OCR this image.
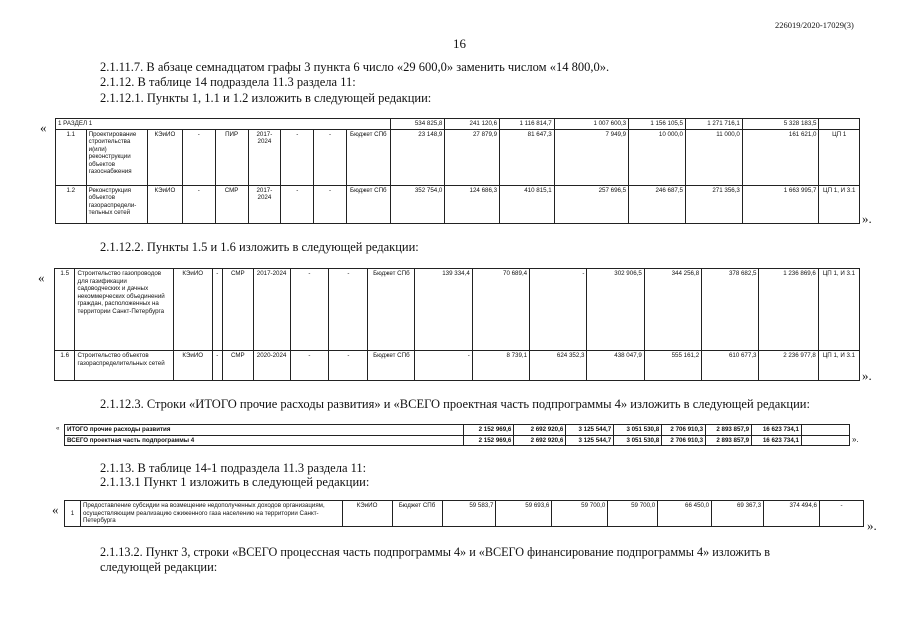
226019/2020-17029(3)
16
2.1.11.7. В абзаце семнадцатом графы 3 пункта 6 число «29 600,0» заменить числом «14 800,0».
2.1.12. В таблице 14 подраздела 11.3 раздела 11:
2.1.12.1. Пункты 1, 1.1 и 1.2 изложить в следующей редакции:
« 1 РАЗДЕЛ 1									534 825,8	241 120,6	1 116 814,7	1 007 600,3	1 156 105,5	1 271 716,1	5 328 183,5	
1.1	Проектирование строительства и(или) реконструкции объектов газоснабжения	КЭиИО	-	ПИР	2017-2024	-	-	Бюджет СПб	23 148,9	27 879,9	81 647,3	7 949,9	10 000,0	11 000,0	161 621,0	ЦП 1
1.2	Реконструкция объектов газораспредели-тельных сетей	КЭиИО	-	СМР	2017-2024	-	-	Бюджет СПб	352 754,0	124 686,3	410 815,1	257 696,5	246 687,5	271 356,3	1 663 995,7	ЦП 1, И 3.1
».
2.1.12.2. Пункты 1.5 и 1.6 изложить в следующей редакции:
«	1.5	Строительство газопроводов для газификации садоводческих и дачных некоммерческих объединений граждан, расположенных на территории Санкт-Петербурга	КЭиИО	-	СМР	2017-2024	-	-	Бюджет СПб	139 334,4	70 689,4	-	302 906,5	344 256,8	378 682,5	1 236 869,6	ЦП 1, И 3.1
1.6	Строительство объектов газораспределительных сетей	КЭиИО	-	СМР	2020-2024	-	-	Бюджет СПб	-	8 739,1	624 352,3	438 047,9	555 161,2	610 677,3	2 236 977,8	ЦП 1, И 3.1
».
2.1.12.3. Строки «ИТОГО прочие расходы развития» и «ВСЕГО проектная часть подпрограммы 4» изложить в следующей редакции:
« ИТОГО прочие расходы развития	2 152 969,6	2 692 920,6	3 125 544,7	3 051 530,8	2 706 910,3	2 893 857,9	16 623 734,1	
ВСЕГО проектная часть подпрограммы 4	2 152 969,6	2 692 920,6	3 125 544,7	3 051 530,8	2 706 910,3	2 893 857,9	16 623 734,1		».
2.1.13. В таблице 14-1 подраздела 11.3 раздела 11:
2.1.13.1 Пункт 1 изложить в следующей редакции:
« 1	Предоставление субсидии на возмещение недополученных доходов организациям, осуществляющим реализацию сжиженного газа населению на территории Санкт-Петербурга	КЭиИО	Бюджет СПб	59 583,7	59 693,6	59 700,0	59 700,0	66 450,0	69 367,3	374 494,6	-
».
2.1.13.2. Пункт 3, строки «ВСЕГО процессная часть подпрограммы 4» и «ВСЕГО финансирование подпрограммы 4» изложить в
следующей редакции:
